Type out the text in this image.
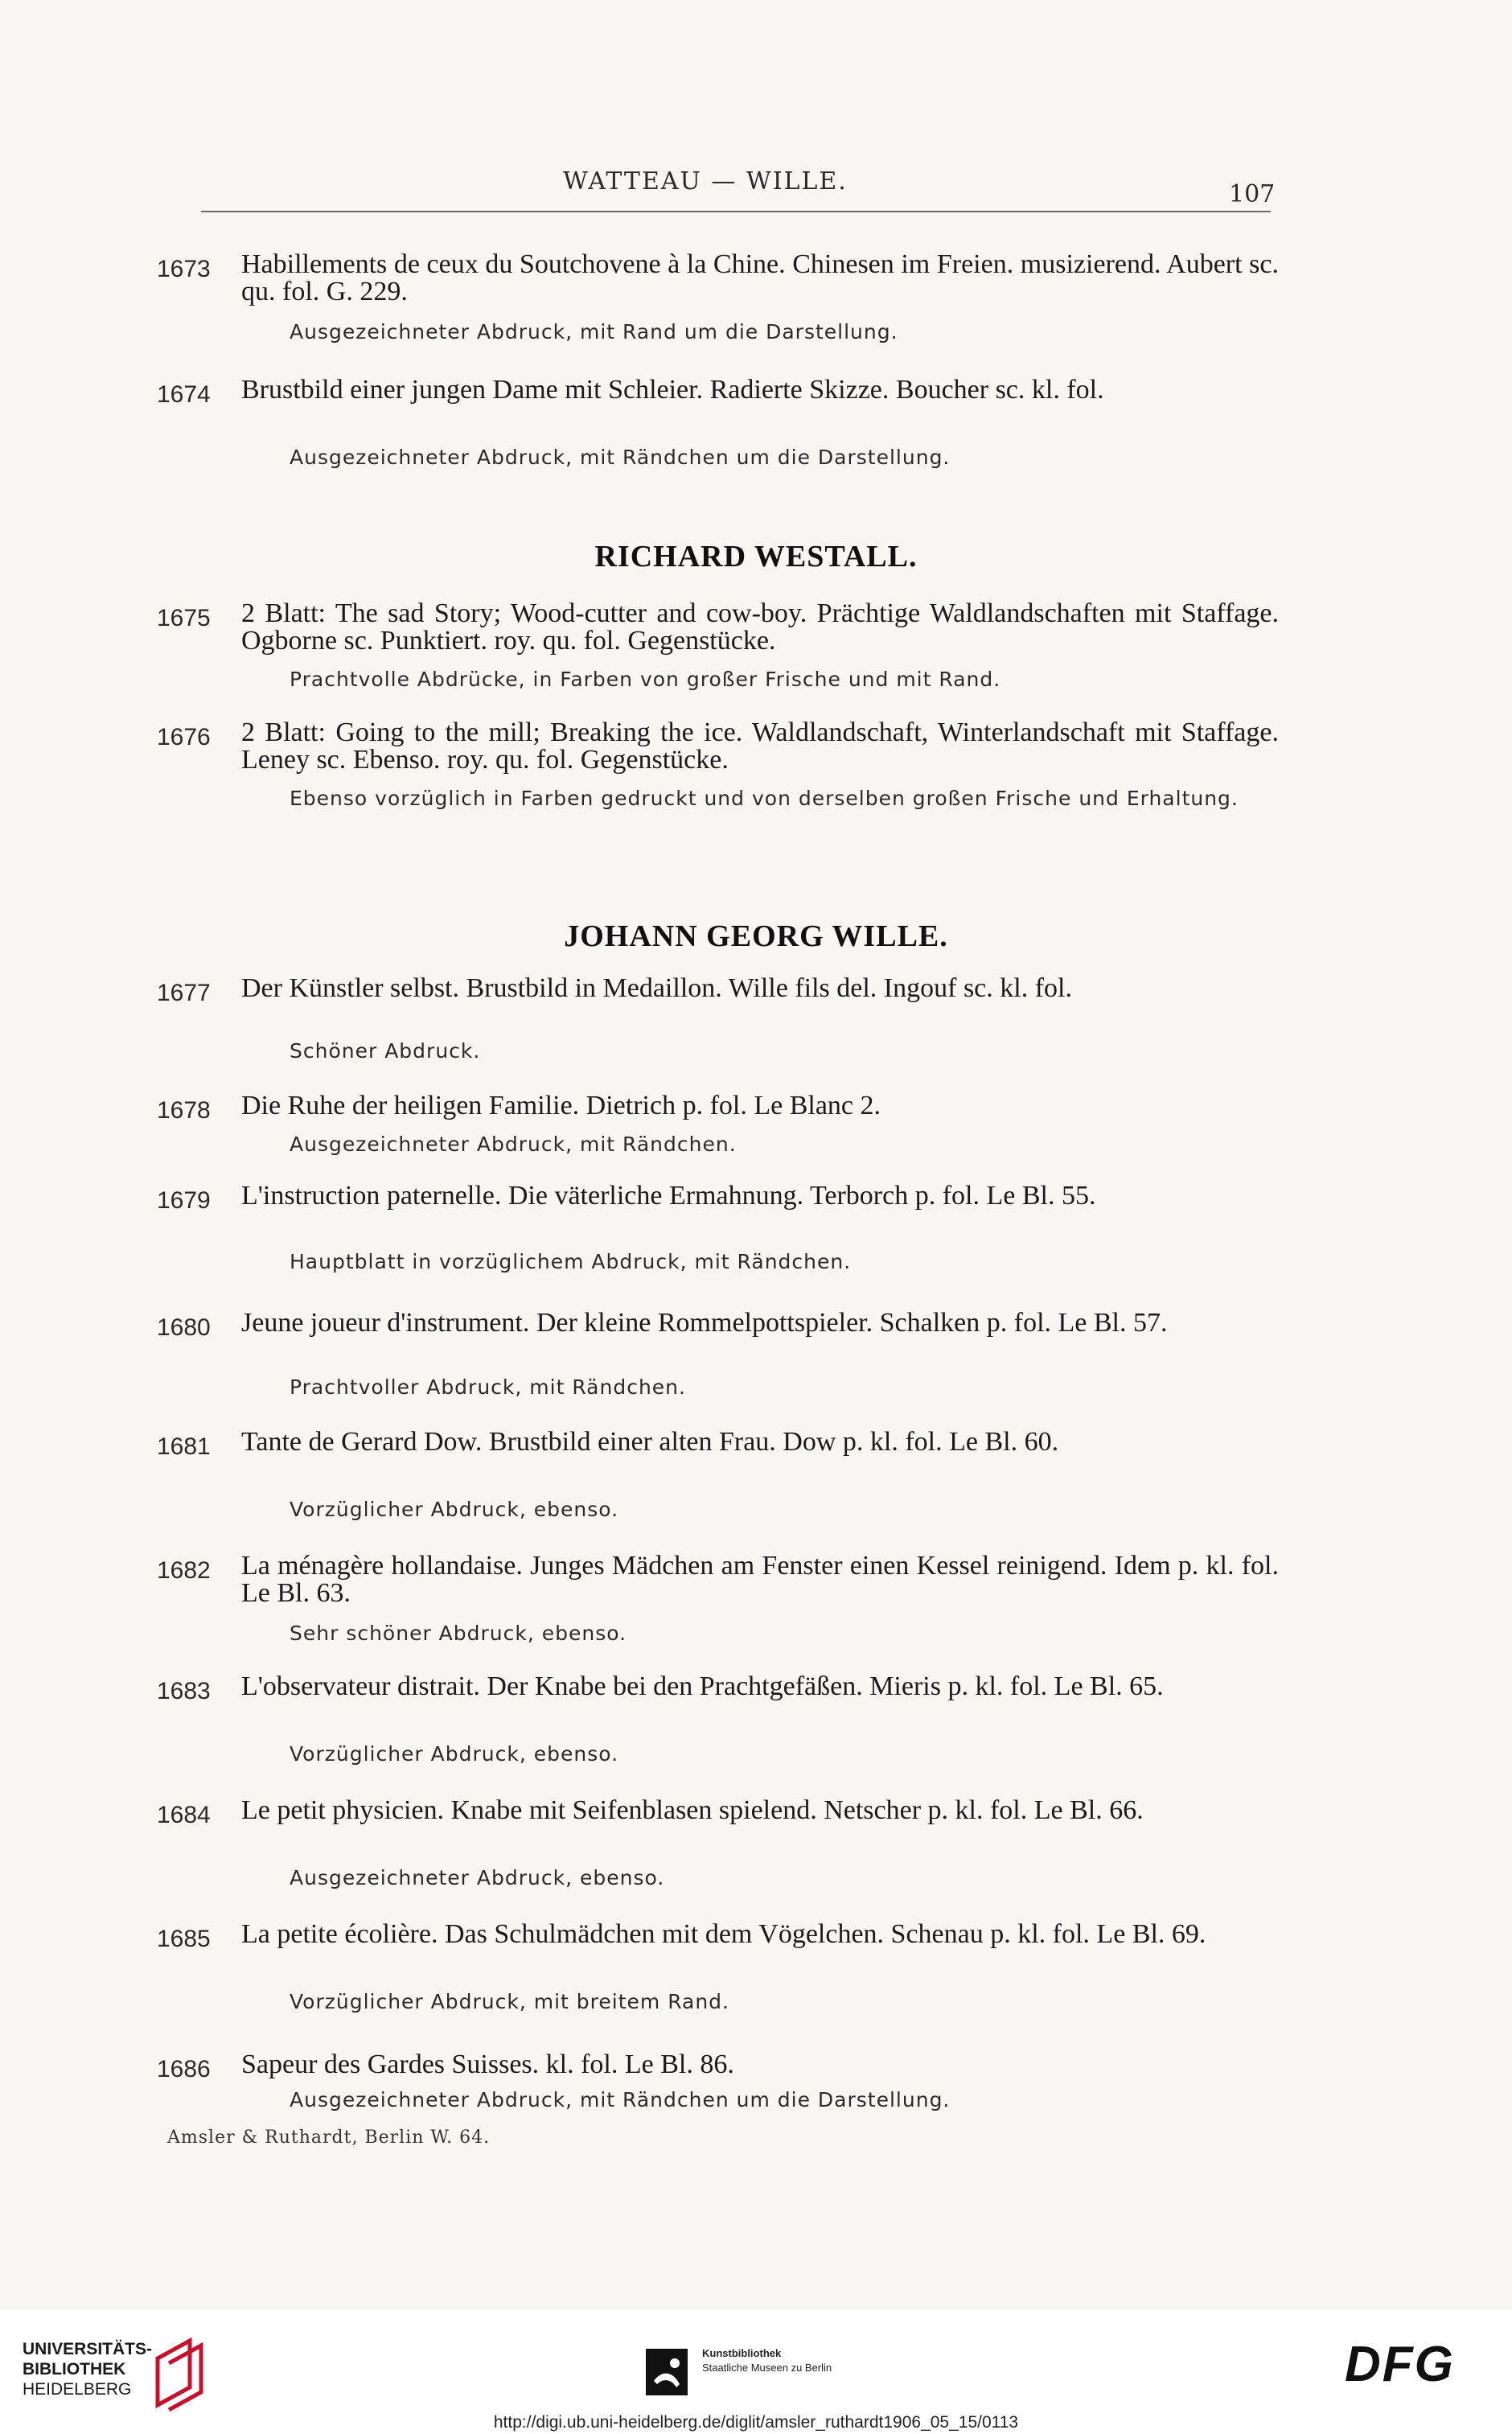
WATTEAU — WILLE.	107
1673 Habillements de ceux du Soutchovene à la Chine. Chinesen im Freien. musizierend. Aubert sc. qu. fol. G. 229.
Ausgezeichneter Abdruck, mit Rand um die Darstellung.
1674 Brustbild einer jungen Dame mit Schleier. Radierte Skizze. Boucher sc. kl. fol.
Ausgezeichneter Abdruck, mit Rändchen um die Darstellung.
RICHARD WESTALL.
1675 2 Blatt: The sad Story; Wood-cutter and cow-boy. Prächtige Waldlandschaften mit Staffage. Ogborne sc. Punktiert. roy. qu. fol. Gegenstücke.
Prachtvolle Abdrücke, in Farben von großer Frische und mit Rand.
1676 2 Blatt: Going to the mill; Breaking the ice. Waldlandschaft, Winterlandschaft mit Staffage. Leney sc. Ebenso. roy. qu. fol. Gegenstücke.
Ebenso vorzüglich in Farben gedruckt und von derselben großen Frische und Erhaltung.
JOHANN GEORG WILLE.
1677 Der Künstler selbst. Brustbild in Medaillon. Wille fils del. Ingouf sc. kl. fol.
Schöner Abdruck.
1678 Die Ruhe der heiligen Familie. Dietrich p. fol. Le Blanc 2.
Ausgezeichneter Abdruck, mit Rändchen.
1679 L'instruction paternelle. Die väterliche Ermahnung. Terborch p. fol. Le Bl. 55.
Hauptblatt in vorzüglichem Abdruck, mit Rändchen.
1680 Jeune joueur d'instrument. Der kleine Rommelpottspieler. Schalken p. fol. Le Bl. 57.
Prachtvoller Abdruck, mit Rändchen.
1681 Tante de Gerard Dow. Brustbild einer alten Frau. Dow p. kl. fol. Le Bl. 60.
Vorzüglicher Abdruck, ebenso.
1682 La ménagère hollandaise. Junges Mädchen am Fenster einen Kessel reinigend. Idem p. kl. fol. Le Bl. 63.
Sehr schöner Abdruck, ebenso.
1683 L'observateur distrait. Der Knabe bei den Prachtgefäßen. Mieris p. kl. fol. Le Bl. 65.
Vorzüglicher Abdruck, ebenso.
1684 Le petit physicien. Knabe mit Seifenblasen spielend. Netscher p. kl. fol. Le Bl. 66.
Ausgezeichneter Abdruck, ebenso.
1685 La petite écolière. Das Schulmädchen mit dem Vögelchen. Schenau p. kl. fol. Le Bl. 69.
Vorzüglicher Abdruck, mit breitem Rand.
1686 Sapeur des Gardes Suisses. kl. fol. Le Bl. 86.
Ausgezeichneter Abdruck, mit Rändchen um die Darstellung.
Amsler & Ruthardt, Berlin W. 64.
UNIVERSITÄTS-
BIBLIOTHEK
HEIDELBERG
Kunstbibliothek
Staatliche Museen zu Berlin	DFG
http://digi.ub.uni-heidelberg.de/diglit/amsler_ruthardt1906_05_15/0113
